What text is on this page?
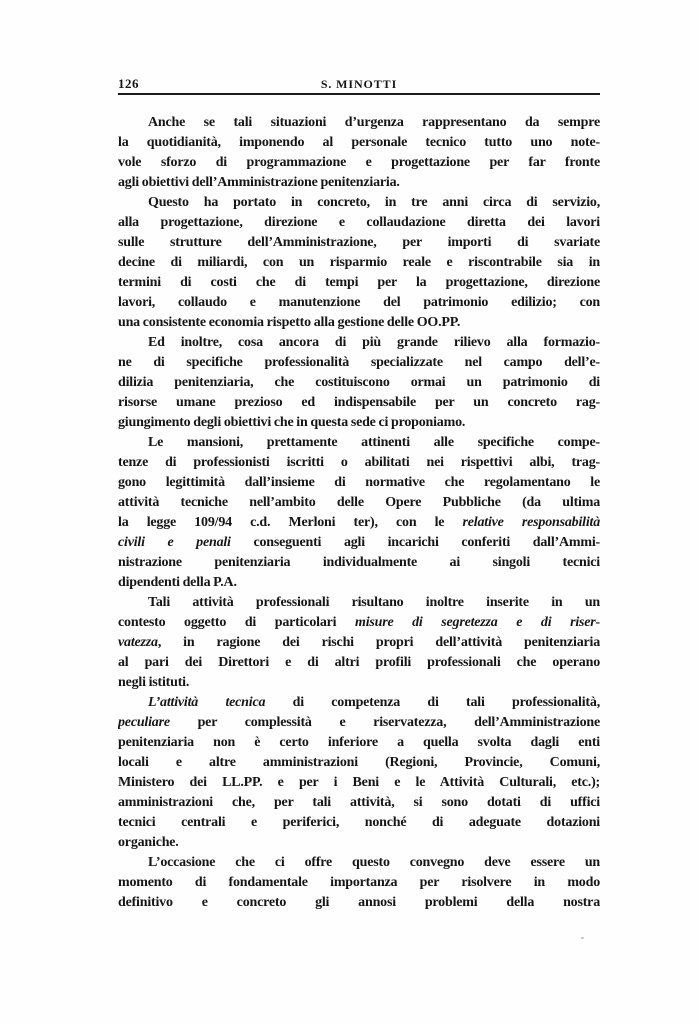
126	S. MINOTTI
Anche se tali situazioni d’urgenza rappresentano da sempre
la quotidianità, imponendo al personale tecnico tutto uno note-
vole sforzo di programmazione e progettazione per far fronte
agli obiettivi dell’Amministrazione penitenziaria.
Questo ha portato in concreto, in tre anni circa di servizio,
alla progettazione, direzione e collaudazione diretta dei lavori
sulle strutture dell’Amministrazione, per importi di svariate
decine di miliardi, con un risparmio reale e riscontrabile sia in
termini di costi che di tempi per la progettazione, direzione
lavori, collaudo e manutenzione del patrimonio edilizio; con
una consistente economia rispetto alla gestione delle OO.PP.
Ed inoltre, cosa ancora di più grande rilievo alla formazio-
ne di specifiche professionalità specializzate nel campo dell’e-
dilizia penitenziaria, che costituiscono ormai un patrimonio di
risorse umane prezioso ed indispensabile per un concreto rag-
giungimento degli obiettivi che in questa sede ci proponiamo.
Le mansioni, prettamente attinenti alle specifiche compe-
tenze di professionisti iscritti o abilitati nei rispettivi albi, trag-
gono legittimità dall’insieme di normative che regolamentano le
attività tecniche nell’ambito delle Opere Pubbliche (da ultima
la legge 109/94 c.d. Merloni ter), con le relative responsabilità
civili e penali conseguenti agli incarichi conferiti dall’Ammi-
nistrazione penitenziaria individualmente ai singoli tecnici
dipendenti della P.A.
Tali attività professionali risultano inoltre inserite in un
contesto oggetto di particolari misure di segretezza e di riser-
vatezza, in ragione dei rischi propri dell’attività penitenziaria
al pari dei Direttori e di altri profili professionali che operano
negli istituti.
L’attività tecnica di competenza di tali professionalità,
peculiare per complessità e riservatezza, dell’Amministrazione
penitenziaria non è certo inferiore a quella svolta dagli enti
locali e altre amministrazioni (Regioni, Provincie, Comuni,
Ministero dei LL.PP. e per i Beni e le Attività Culturali, etc.);
amministrazioni che, per tali attività, si sono dotati di uffici
tecnici centrali e periferici, nonché di adeguate dotazioni
organiche.
L’occasione che ci offre questo convegno deve essere un
momento di fondamentale importanza per risolvere in modo
definitivo e concreto gli annosi problemi della nostra
